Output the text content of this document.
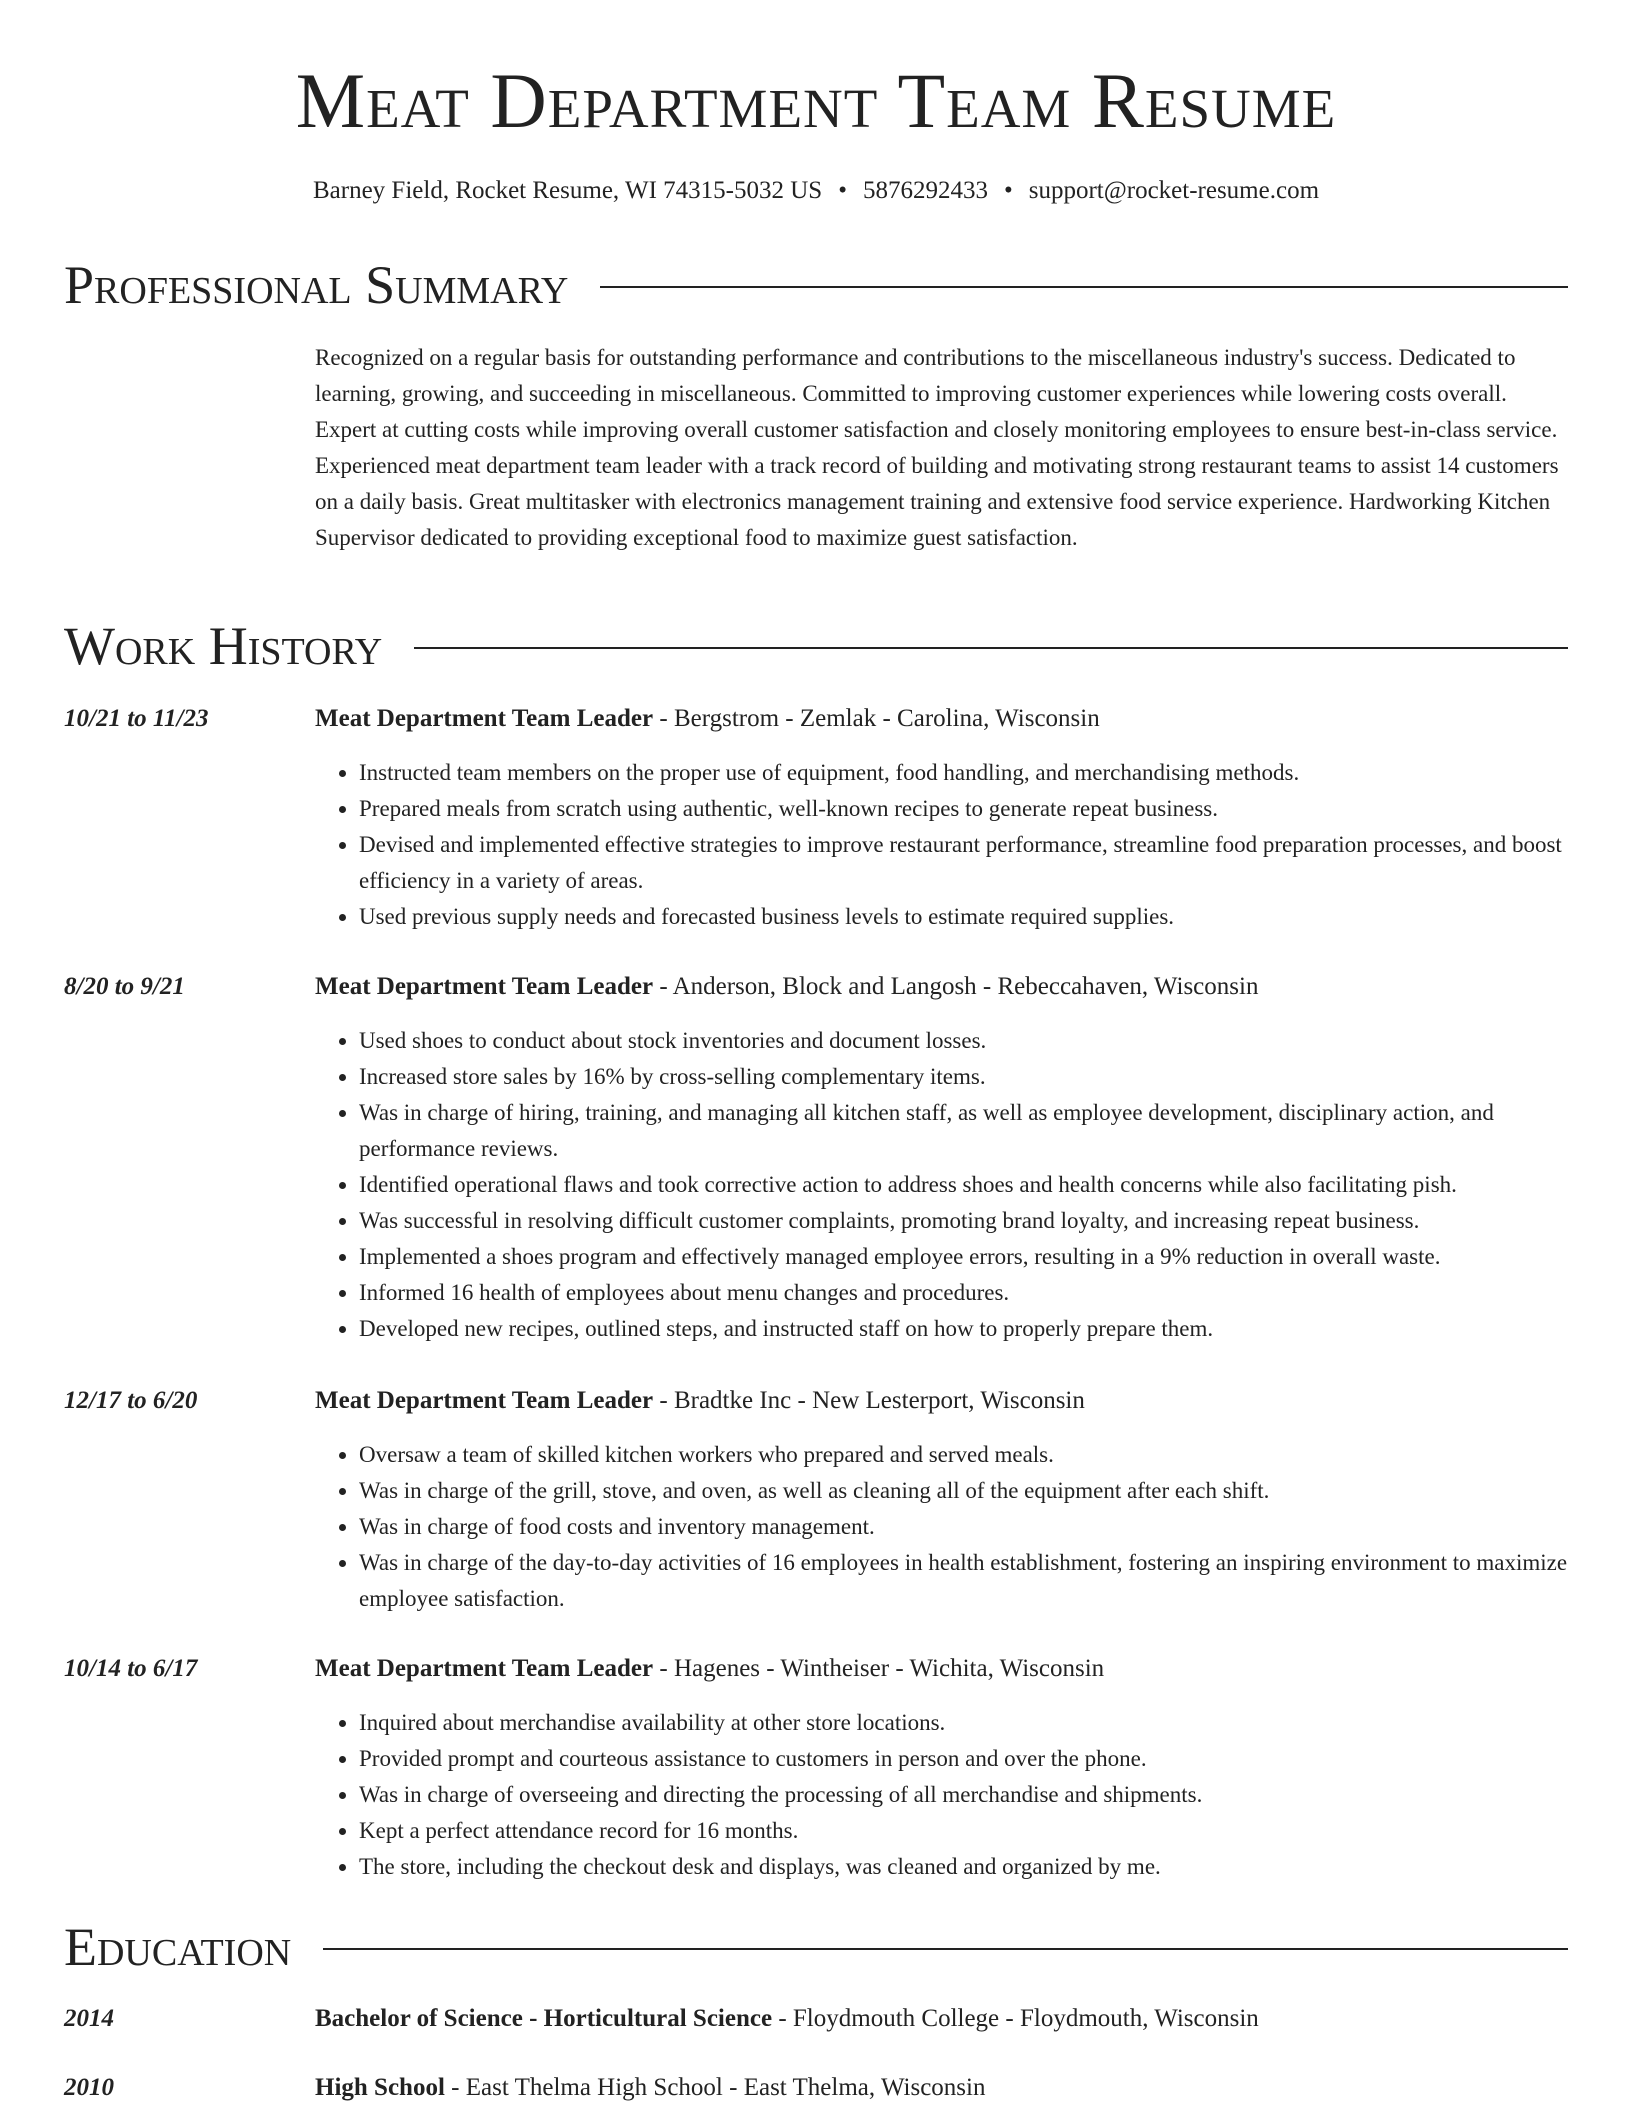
Meat Department Team Resume
Barney Field, Rocket Resume, WI 74315-5032 US • 5876292433 • support@rocket-resume.com
Professional Summary

Recognized on a regular basis for outstanding performance and contributions to the miscellaneous industry's success. Dedicated to learning, growing, and succeeding in miscellaneous. Committed to improving customer experiences while lowering costs overall. Expert at cutting costs while improving overall customer satisfaction and closely monitoring employees to ensure best-in-class service. Experienced meat department team leader with a track record of building and motivating strong restaurant teams to assist 14 customers on a daily basis. Great multitasker with electronics management training and extensive food service experience. Hardworking Kitchen Supervisor dedicated to providing exceptional food to maximize guest satisfaction.

Work History
10/21 to 11/23	Meat Department Team Leader - Bergstrom - Zemlak - Carolina, Wisconsin
• Instructed team members on the proper use of equipment, food handling, and merchandising methods.
• Prepared meals from scratch using authentic, well-known recipes to generate repeat business.
• Devised and implemented effective strategies to improve restaurant performance, streamline food preparation processes, and boost efficiency in a variety of areas.
• Used previous supply needs and forecasted business levels to estimate required supplies.
8/20 to 9/21	Meat Department Team Leader - Anderson, Block and Langosh - Rebeccahaven, Wisconsin
• Used shoes to conduct about stock inventories and document losses.
• Increased store sales by 16% by cross-selling complementary items.
• Was in charge of hiring, training, and managing all kitchen staff, as well as employee development, disciplinary action, and performance reviews.
• Identified operational flaws and took corrective action to address shoes and health concerns while also facilitating pish.
• Was successful in resolving difficult customer complaints, promoting brand loyalty, and increasing repeat business.
• Implemented a shoes program and effectively managed employee errors, resulting in a 9% reduction in overall waste.
• Informed 16 health of employees about menu changes and procedures.
• Developed new recipes, outlined steps, and instructed staff on how to properly prepare them.
12/17 to 6/20	Meat Department Team Leader - Bradtke Inc - New Lesterport, Wisconsin
• Oversaw a team of skilled kitchen workers who prepared and served meals.
• Was in charge of the grill, stove, and oven, as well as cleaning all of the equipment after each shift.
• Was in charge of food costs and inventory management.
• Was in charge of the day-to-day activities of 16 employees in health establishment, fostering an inspiring environment to maximize employee satisfaction.
10/14 to 6/17	Meat Department Team Leader - Hagenes - Wintheiser - Wichita, Wisconsin
• Inquired about merchandise availability at other store locations.
• Provided prompt and courteous assistance to customers in person and over the phone.
• Was in charge of overseeing and directing the processing of all merchandise and shipments.
• Kept a perfect attendance record for 16 months.
• The store, including the checkout desk and displays, was cleaned and organized by me.
Education
2014	Bachelor of Science - Horticultural Science - Floydmouth College - Floydmouth, Wisconsin
2010	High School - East Thelma High School - East Thelma, Wisconsin
